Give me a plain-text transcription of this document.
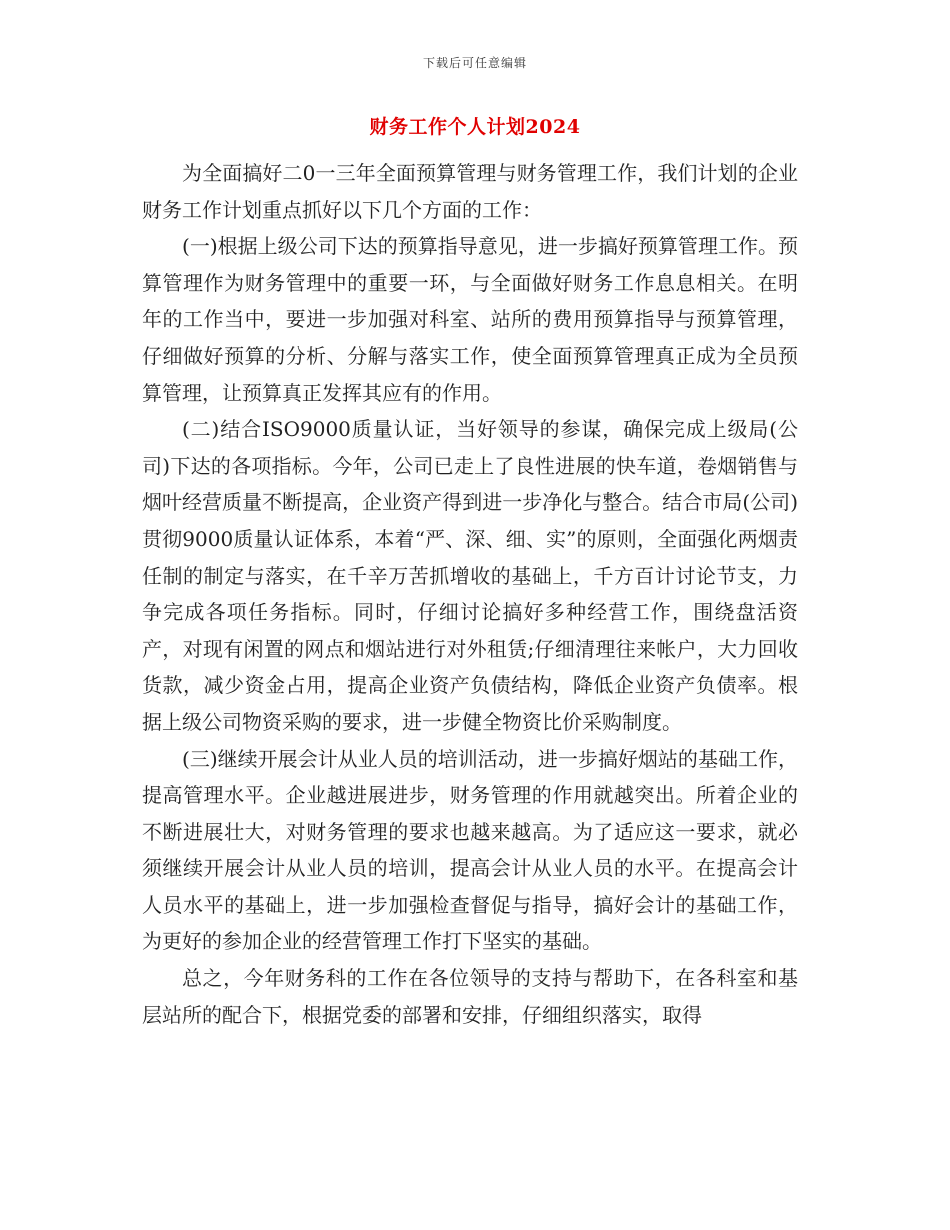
下载后可任意编辑
财务工作个人计划2024

为全面搞好二0一三年全面预算管理与财务管理工作，我们计划的企业财务工作计划重点抓好以下几个方面的工作：

(一)根据上级公司下达的预算指导意见，进一步搞好预算管理工作。预算管理作为财务管理中的重要一环，与全面做好财务工作息息相关。在明年的工作当中，要进一步加强对科室、站所的费用预算指导与预算管理，仔细做好预算的分析、分解与落实工作，使全面预算管理真正成为全员预算管理，让预算真正发挥其应有的作用。

(二)结合ISO9000质量认证，当好领导的参谋，确保完成上级局(公司)下达的各项指标。今年，公司已走上了良性进展的快车道，卷烟销售与烟叶经营质量不断提高，企业资产得到进一步净化与整合。结合市局(公司)贯彻9000质量认证体系，本着“严、深、细、实”的原则，全面强化两烟责任制的制定与落实，在千辛万苦抓增收的基础上，千方百计讨论节支，力争完成各项任务指标。同时，仔细讨论搞好多种经营工作，围绕盘活资产，对现有闲置的网点和烟站进行对外租赁;仔细清理往来帐户，大力回收货款，减少资金占用，提高企业资产负债结构，降低企业资产负债率。根据上级公司物资采购的要求，进一步健全物资比价采购制度。

(三)继续开展会计从业人员的培训活动，进一步搞好烟站的基础工作，提高管理水平。企业越进展进步，财务管理的作用就越突出。所着企业的不断进展壮大，对财务管理的要求也越来越高。为了适应这一要求，就必须继续开展会计从业人员的培训，提高会计从业人员的水平。在提高会计人员水平的基础上，进一步加强检查督促与指导，搞好会计的基础工作，为更好的参加企业的经营管理工作打下坚实的基础。

总之，今年财务科的工作在各位领导的支持与帮助下，在各科室和基层站所的配合下，根据党委的部署和安排，仔细组织落实，取得
